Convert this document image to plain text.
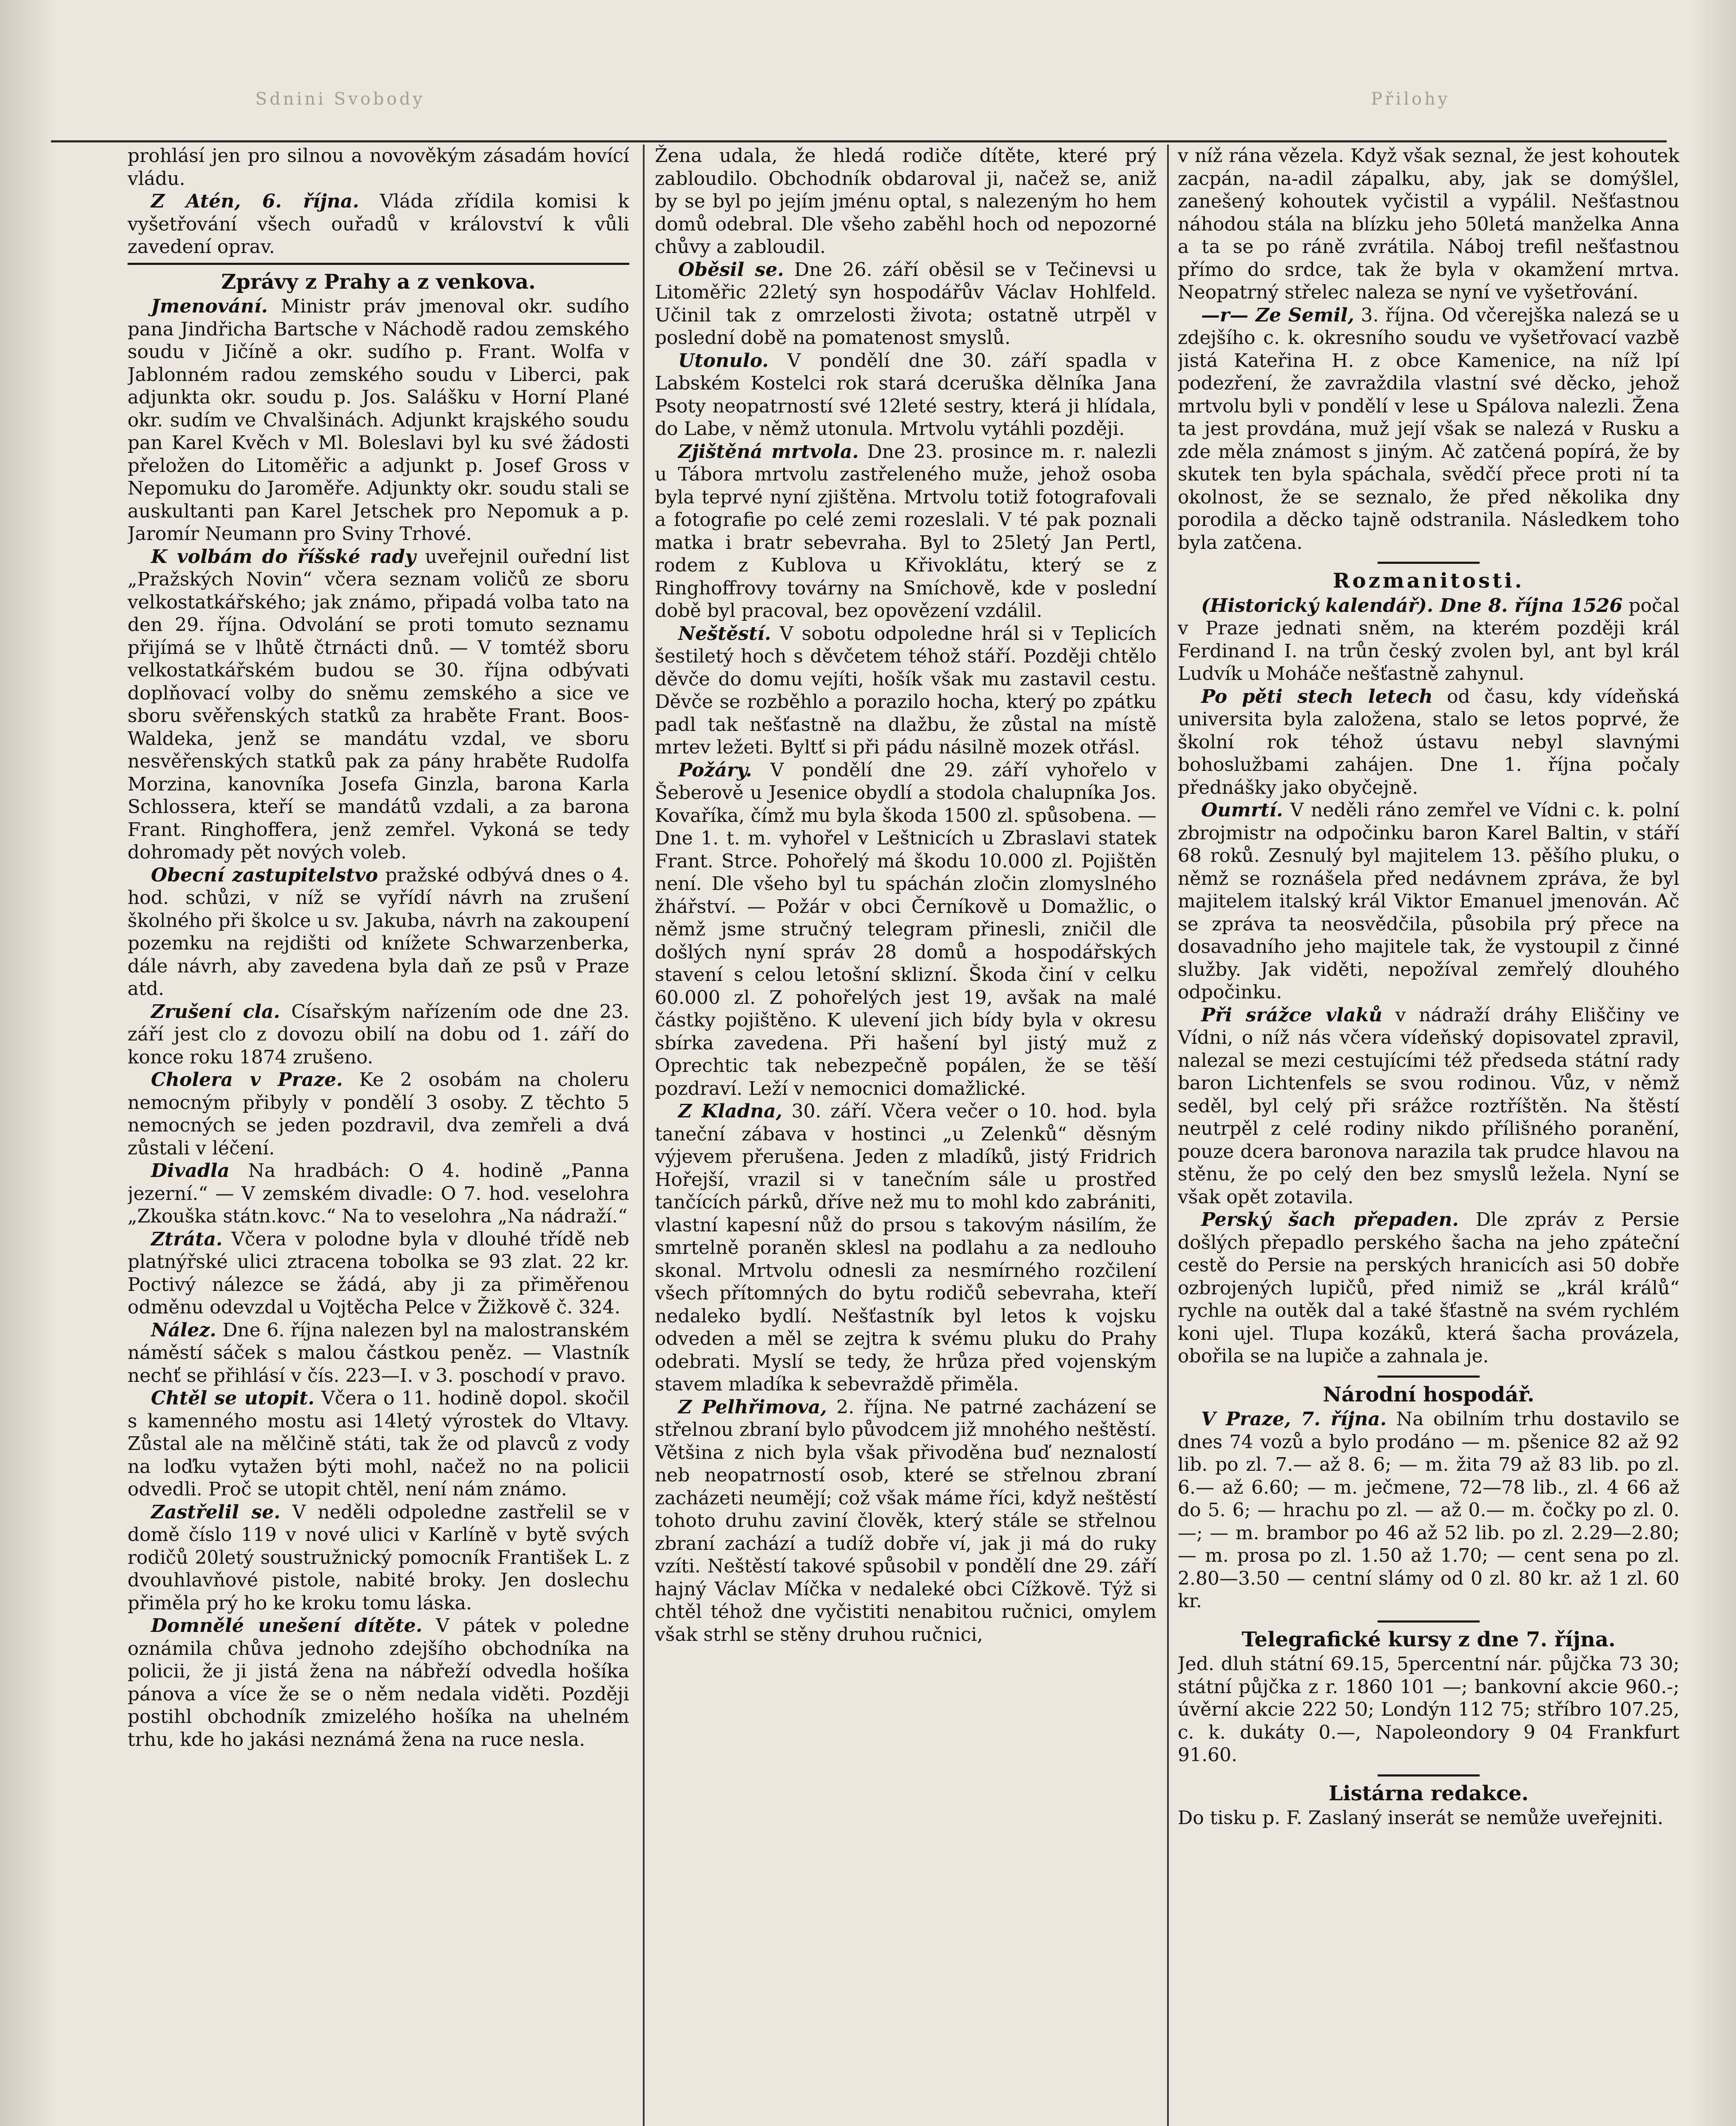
Sdnini Svobody	Přilohy

prohlásí jen pro silnou a novověkým zásadám hovící vládu.

Z Atén, 6. října. Vláda zřídila komisi k vyšetřování všech ouřadů v království k vůli zavedení oprav.

Zprávy z Prahy a z venkova.

Jmenování. Ministr práv jmenoval okr. sudího pana Jindřicha Bartsche v Náchodě radou zemského soudu v Jičíně a okr. sudího p. Frant. Wolfa v Jablonném radou zemského soudu v Liberci, pak adjunkta okr. soudu p. Jos. Salášku v Horní Plané okr. sudím ve Chvalšinách. Adjunkt krajského soudu pan Karel Kvěch v Ml. Boleslavi byl ku své žádosti přeložen do Litoměřic a adjunkt p. Josef Gross v Nepomuku do Jaroměře. Adjunkty okr. soudu stali se auskultanti pan Karel Jetschek pro Nepomuk a p. Jaromír Neumann pro Sviny Trhové.

K volbám do říšské rady uveřejnil ouřední list „Pražských Novin“ včera seznam voličů ze sboru velkostatkářského; jak známo, připadá volba tato na den 29. října. Odvolání se proti tomuto seznamu přijímá se v lhůtě čtrnácti dnů. — V tomtéž sboru velkostatkářském budou se 30. října odbývati doplňovací volby do sněmu zemského a sice ve sboru svěřenských statků za hraběte Frant. Boos-Waldeka, jenž se mandátu vzdal, ve sboru nesvěřenských statků pak za pány hraběte Rudolfa Morzina, kanovníka Josefa Ginzla, barona Karla Schlossera, kteří se mandátů vzdali, a za barona Frant. Ringhoffera, jenž zemřel. Vykoná se tedy dohromady pět nových voleb.

Obecní zastupitelstvo pražské odbývá dnes o 4. hod. schůzi, v níž se vyřídí návrh na zrušení školného při školce u sv. Jakuba, návrh na zakoupení pozemku na rejdišti od knížete Schwarzenberka, dále návrh, aby zavedena byla daň ze psů v Praze atd.

Zrušení cla. Císařským nařízením ode dne 23. září jest clo z dovozu obilí na dobu od 1. září do konce roku 1874 zrušeno.

Cholera v Praze. Ke 2 osobám na choleru nemocným přibyly v pondělí 3 osoby. Z těchto 5 nemocných se jeden pozdravil, dva zemřeli a dvá zůstali v léčení.

Divadla Na hradbách: O 4. hodině „Panna jezerní.“ — V zemském divadle: O 7. hod. veselohra „Zkouška státn.kovc.“ Na to veselohra „Na nádraží.“

Ztráta. Včera v polodne byla v dlouhé třídě neb platnýřské ulici ztracena tobolka se 93 zlat. 22 kr. Poctivý nálezce se žádá, aby ji za přiměřenou odměnu odevzdal u Vojtěcha Pelce v Žižkově č. 324.

Nález. Dne 6. října nalezen byl na malostranském náměstí sáček s malou částkou peněz. — Vlastník nechť se přihlásí v čís. 223—I. v 3. poschodí v pravo.

Chtěl se utopit. Včera o 11. hodině dopol. skočil s kamenného mostu asi 14letý výrostek do Vltavy. Zůstal ale na mělčině státi, tak že od plavců z vody na loďku vytažen býti mohl, načež no na policii odvedli. Proč se utopit chtěl, není nám známo.

Zastřelil se. V neděli odpoledne zastřelil se v domě číslo 119 v nové ulici v Karlíně v bytě svých rodičů 20letý soustružnický pomocník František L. z dvouhlavňové pistole, nabité broky. Jen doslechu přiměla prý ho ke kroku tomu láska.

Domnělé unešení dítěte. V pátek v poledne oznámila chůva jednoho zdejšího obchodníka na policii, že ji jistá žena na nábřeží odvedla hošíka pánova a více že se o něm nedala viděti. Později postihl obchodník zmizelého hošíka na uhelném trhu, kde ho jakási neznámá žena na ruce nesla.

Žena udala, že hledá rodiče dítěte, které prý zabloudilo. Obchodník obdaroval ji, načež se, aniž by se byl po jejím jménu optal, s nalezeným ho hem domů odebral. Dle všeho zaběhl hoch od nepozorné chůvy a zabloudil.

Oběsil se. Dne 26. září oběsil se v Tečinevsi u Litoměřic 22letý syn hospodářův Václav Hohlfeld. Učinil tak z omrzelosti života; ostatně utrpěl v poslední době na pomatenost smyslů.

Utonulo. V pondělí dne 30. září spadla v Labském Kostelci rok stará dceruška dělníka Jana Psoty neopatrností své 12leté sestry, která ji hlídala, do Labe, v němž utonula. Mrtvolu vytáhli později.

Zjištěná mrtvola. Dne 23. prosince m. r. nalezli u Tábora mrtvolu zastřeleného muže, jehož osoba byla teprvé nyní zjištěna. Mrtvolu totiž fotografovali a fotografie po celé zemi rozeslali. V té pak poznali matka i bratr sebevraha. Byl to 25letý Jan Pertl, rodem z Kublova u Křivoklátu, který se z Ringhoffrovy továrny na Smíchově, kde v poslední době byl pracoval, bez opovězení vzdálil.

Neštěstí. V sobotu odpoledne hrál si v Teplicích šestiletý hoch s děvčetem téhož stáří. Později chtělo děvče do domu vejíti, hošík však mu zastavil cestu. Děvče se rozběhlo a porazilo hocha, který po zpátku padl tak nešťastně na dlažbu, že zůstal na místě mrtev ležeti. Byltť si při pádu násilně mozek otřásl.

Požáry. V pondělí dne 29. září vyhořelo v Šeberově u Jesenice obydlí a stodola chalupníka Jos. Kovaříka, čímž mu byla škoda 1500 zl. spůsobena. — Dne 1. t. m. vyhořel v Leštnicích u Zbraslavi statek Frant. Strce. Pohořelý má škodu 10.000 zl. Pojištěn není. Dle všeho byl tu spáchán zločin zlomyslného žhářství. — Požár v obci Černíkově u Domažlic, o němž jsme stručný telegram přinesli, zničil dle došlých nyní správ 28 domů a hospodářských stavení s celou letošní sklizní. Škoda činí v celku 60.000 zl. Z pohořelých jest 19, avšak na malé částky pojištěno. K ulevení jich bídy byla v okresu sbírka zavedena. Při hašení byl jistý muž z Oprechtic tak nebezpečně popálen, že se těší pozdraví. Leží v nemocnici domažlické.

Z Kladna, 30. září. Včera večer o 10. hod. byla taneční zábava v hostinci „u Zelenků“ děsným výjevem přerušena. Jeden z mladíků, jistý Fridrich Hořejší, vrazil si v tanečním sále u prostřed tančících párků, dříve než mu to mohl kdo zabrániti, vlastní kapesní nůž do prsou s takovým násilím, že smrtelně poraněn sklesl na podlahu a za nedlouho skonal. Mrtvolu odnesli za nesmírného rozčilení všech přítomných do bytu rodičů sebevraha, kteří nedaleko bydlí. Nešťastník byl letos k vojsku odveden a měl se zejtra k svému pluku do Prahy odebrati. Myslí se tedy, že hrůza před vojenským stavem mladíka k sebevraždě přiměla.

Z Pelhřimova, 2. října. Ne patrné zacházení se střelnou zbraní bylo původcem již mnohého neštěstí. Většina z nich byla však přivoděna buď neznalostí neb neopatrností osob, které se střelnou zbraní zacházeti neumějí; což však máme říci, když neštěstí tohoto druhu zaviní člověk, který stále se střelnou zbraní zachází a tudíž dobře ví, jak ji má do ruky vzíti. Neštěstí takové spůsobil v pondělí dne 29. září hajný Václav Míčka v nedaleké obci Cížkově. Týž si chtěl téhož dne vyčistiti nenabitou ručnici, omylem však strhl se stěny druhou ručnici,

v níž rána vězela. Když však seznal, že jest kohoutek zacpán, na-adil zápalku, aby, jak se domýšlel, zanešený kohoutek vyčistil a vypálil. Nešťastnou náhodou stála na blízku jeho 50letá manželka Anna a ta se po ráně zvrátila. Náboj trefil nešťastnou přímo do srdce, tak že byla v okamžení mrtva. Neopatrný střelec naleza se nyní ve vyšetřování.

—r— Ze Semil, 3. října. Od včerejška nalezá se u zdejšího c. k. okresního soudu ve vyšetřovací vazbě jistá Kateřina H. z obce Kamenice, na níž lpí podezření, že zavraždila vlastní své děcko, jehož mrtvolu byli v pondělí v lese u Spálova nalezli. Žena ta jest provdána, muž její však se nalezá v Rusku a zde měla známost s jiným. Ač zatčená popírá, že by skutek ten byla spáchala, svědčí přece proti ní ta okolnost, že se seznalo, že před několika dny porodila a děcko tajně odstranila. Následkem toho byla zatčena.

Rozmanitosti.

(Historický kalendář). Dne 8. října 1526 počal v Praze jednati sněm, na kterém později král Ferdinand I. na trůn český zvolen byl, ant byl král Ludvík u Moháče nešťastně zahynul.

Po pěti stech letech od času, kdy vídeňská universita byla založena, stalo se letos poprvé, že školní rok téhož ústavu nebyl slavnými bohoslužbami zahájen. Dne 1. října počaly přednášky jako obyčejně.

Oumrtí. V neděli ráno zemřel ve Vídni c. k. polní zbrojmistr na odpočinku baron Karel Baltin, v stáří 68 roků. Zesnulý byl majitelem 13. pěšího pluku, o němž se roznášela před nedávnem zpráva, že byl majitelem italský král Viktor Emanuel jmenován. Ač se zpráva ta neosvědčila, působila prý přece na dosavadního jeho majitele tak, že vystoupil z činné služby. Jak viděti, nepožíval zemřelý dlouhého odpočinku.

Při srážce vlaků v nádraží dráhy Eliščiny ve Vídni, o níž nás včera vídeňský dopisovatel zpravil, nalezal se mezi cestujícími též předseda státní rady baron Lichtenfels se svou rodinou. Vůz, v němž seděl, byl celý při srážce roztříštěn. Na štěstí neutrpěl z celé rodiny nikdo přílišného poranění, pouze dcera baronova narazila tak prudce hlavou na stěnu, že po celý den bez smyslů ležela. Nyní se však opět zotavila.

Perský šach přepaden. Dle zpráv z Persie došlých přepadlo perského šacha na jeho zpáteční cestě do Persie na perských hranicích asi 50 dobře ozbrojených lupičů, před nimiž se „král králů“ rychle na outěk dal a také šťastně na svém rychlém koni ujel. Tlupa kozáků, která šacha provázela, obořila se na lupiče a zahnala je.

Národní hospodář.

V Praze, 7. října. Na obilním trhu dostavilo se dnes 74 vozů a bylo prodáno — m. pšenice 82 až 92 lib. po zl. 7.— až 8. 6; — m. žita 79 až 83 lib. po zl. 6.— až 6.60; — m. ječmene, 72—78 lib., zl. 4 66 až do 5. 6; — hrachu po zl. — až 0.— m. čočky po zl. 0.—; — m. brambor po 46 až 52 lib. po zl. 2.29—2.80; — m. prosa po zl. 1.50 až 1.70; — cent sena po zl. 2.80—3.50 — centní slámy od 0 zl. 80 kr. až 1 zl. 60 kr.

Telegrafické kursy z dne 7. října.

Jed. dluh státní 69.15, 5percentní nár. půjčka 73 30; státní půjčka z r. 1860 101 —; bankovní akcie 960.-; úvěrní akcie 222 50; Londýn 112 75; stříbro 107.25, c. k. dukáty 0.—, Napoleondory 9 04 Frankfurt 91.60.

Listárna redakce.

Do tisku p. F. Zaslaný inserát se nemůže uveřejniti.
